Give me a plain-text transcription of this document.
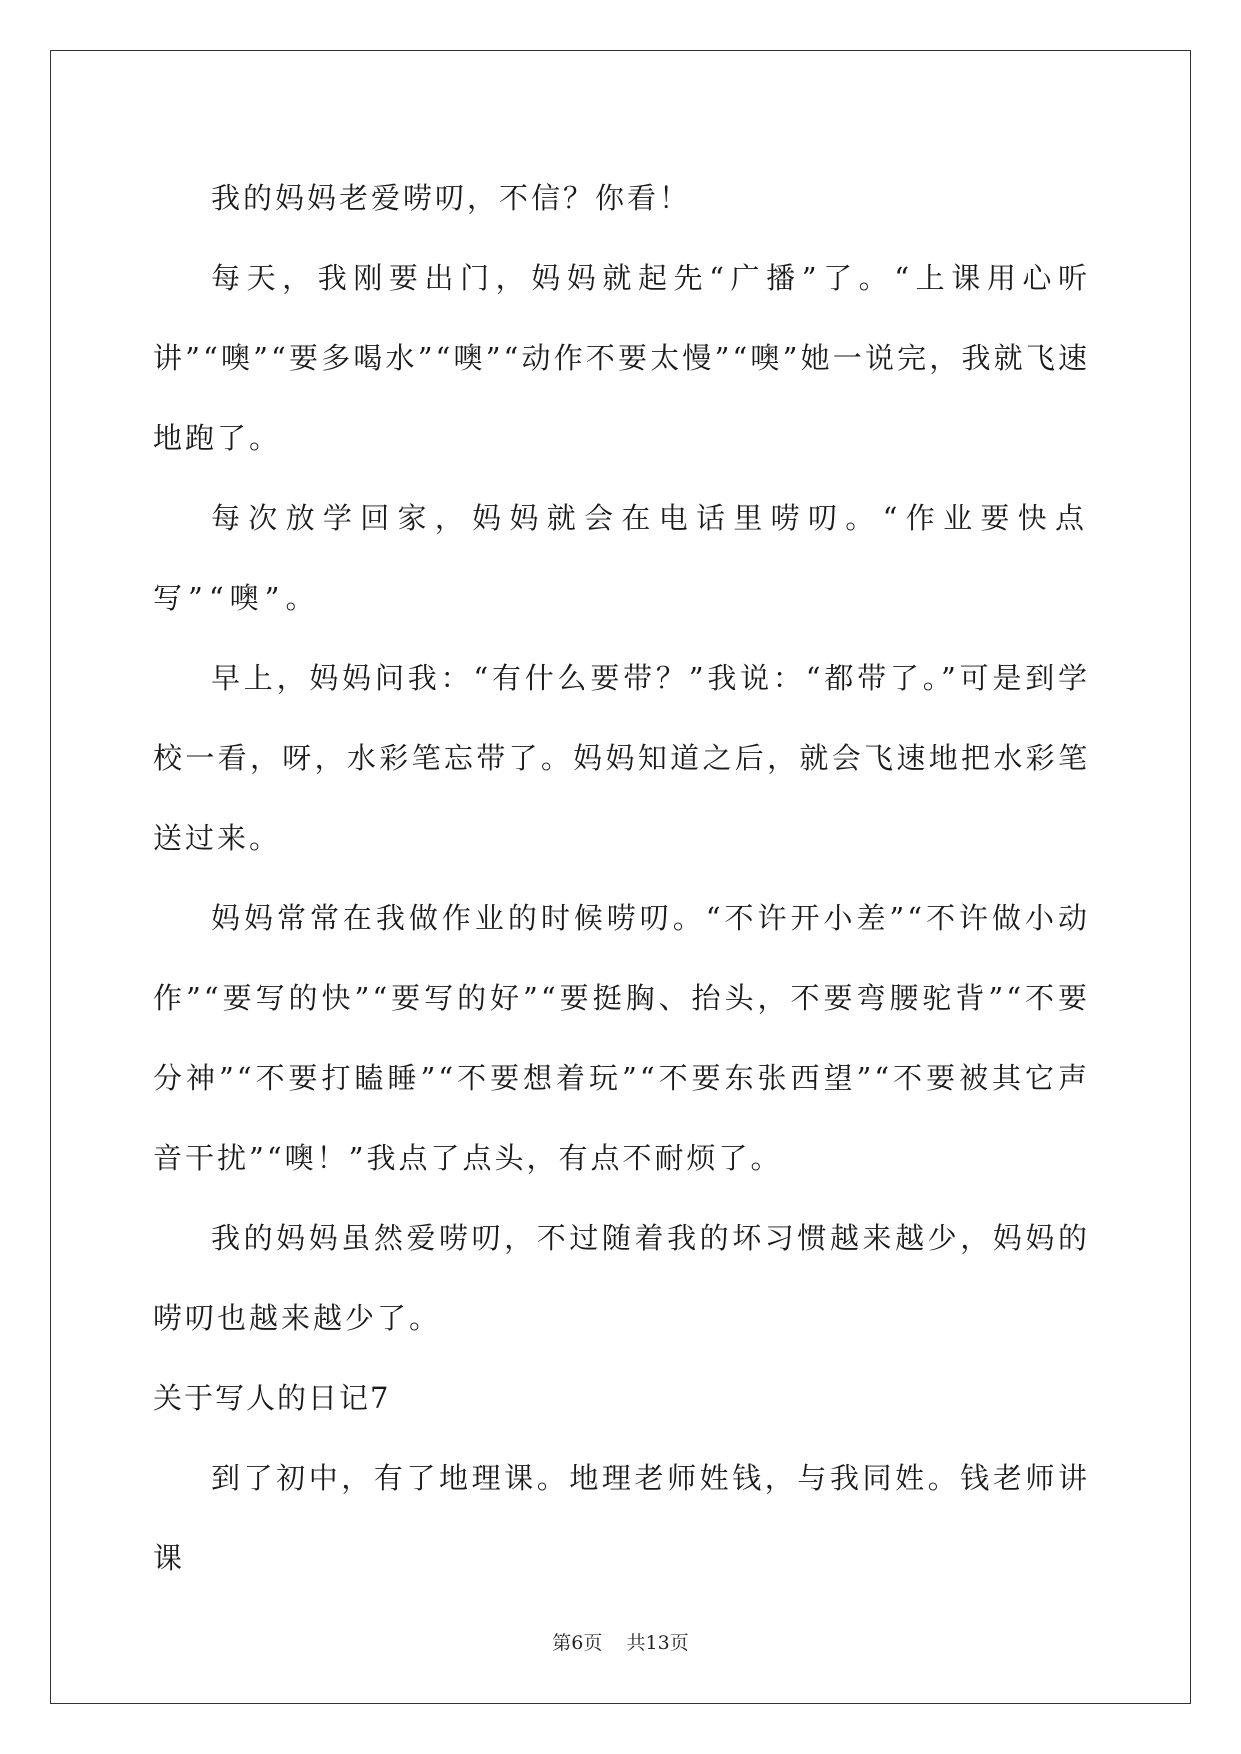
我的妈妈老爱唠叨，不信？你看！

每天，我刚要出门，妈妈就起先“广播”了。“上课用心听讲”“噢”“要多喝水”“噢”“动作不要太慢”“噢”她一说完，我就飞速地跑了。

每次放学回家，妈妈就会在电话里唠叨。“作业要快点写”“噢”。

早上，妈妈问我：“有什么要带？”我说：“都带了。”可是到学校一看，呀，水彩笔忘带了。妈妈知道之后，就会飞速地把水彩笔送过来。

妈妈常常在我做作业的时候唠叨。“不许开小差”“不许做小动作”“要写的快”“要写的好”“要挺胸、抬头，不要弯腰驼背”“不要分神”“不要打瞌睡”“不要想着玩”“不要东张西望”“不要被其它声音干扰”“噢！”我点了点头，有点不耐烦了。

我的妈妈虽然爱唠叨，不过随着我的坏习惯越来越少，妈妈的唠叨也越来越少了。

关于写人的日记7

到了初中，有了地理课。地理老师姓钱，与我同姓。钱老师讲课

第6页 共13页
